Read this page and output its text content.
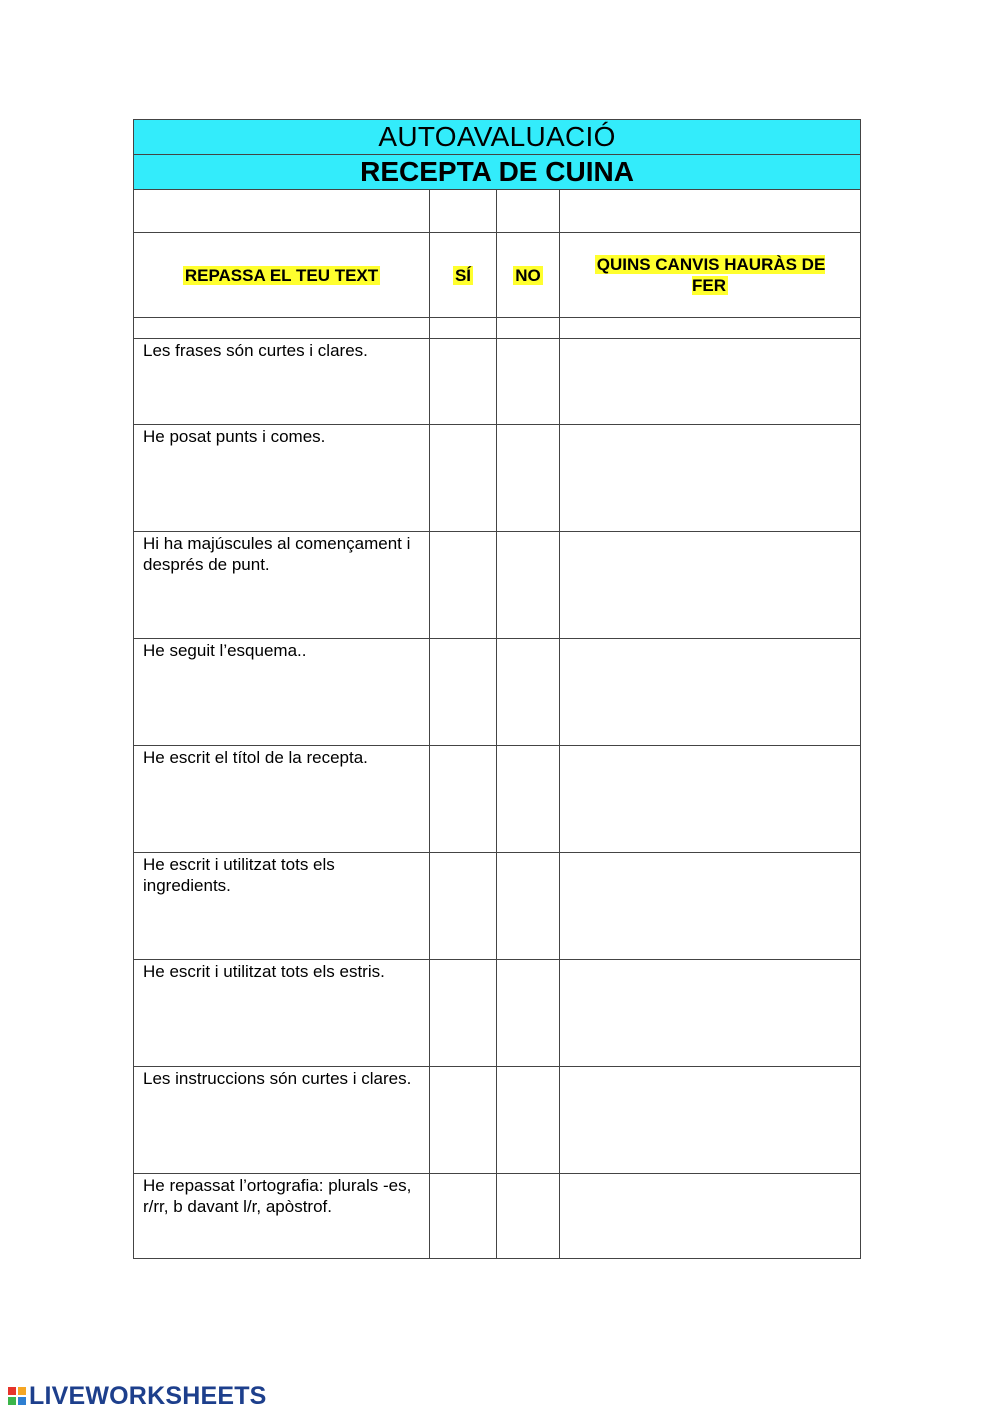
AUTOAVALUACIÓ			
RECEPTA DE CUINA			

REPASSA EL TEU TEXT	SÍ	NO	QUINS CANVIS HAURÀS DE FER

Les frases són curtes i clares.			

He posat punts i comes.			

Hi ha majúscules al començament i després de punt.			

He seguit l’esquema..			

He escrit el títol de la recepta.			

He escrit i utilitzat tots els ingredients.			

He escrit i utilitzat tots els estris.			

Les instruccions són curtes i clares.			

He repassat l’ortografia: plurals -es, r/rr, b davant l/r, apòstrof.			

LIVEWORKSHEETS
